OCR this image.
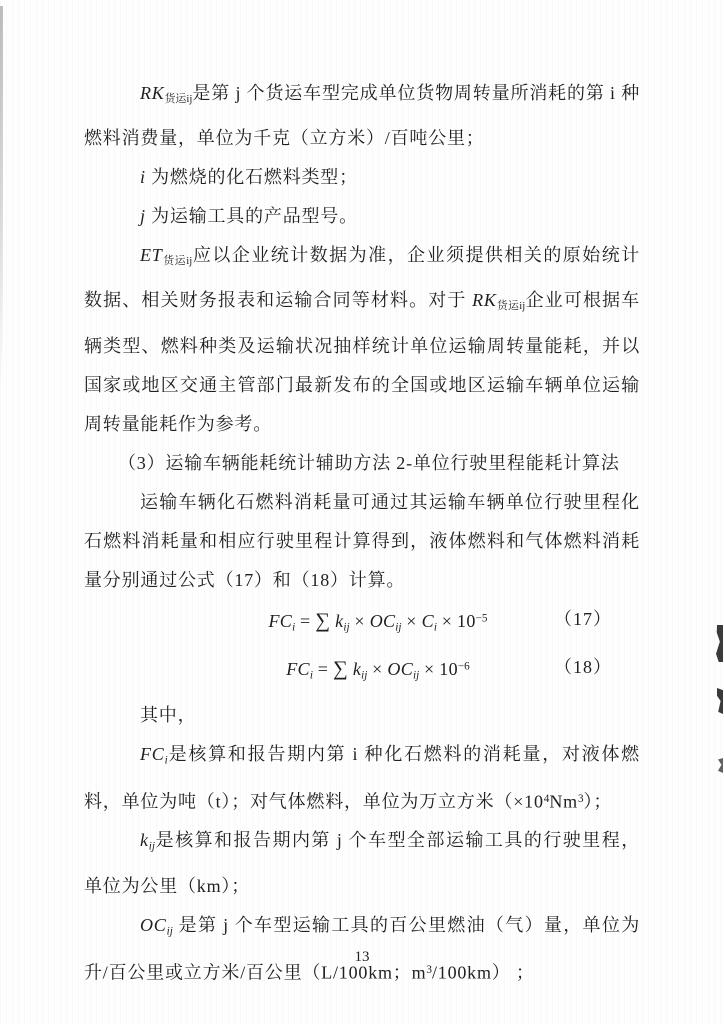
RK货运ij是第 j 个货运车型完成单位货物周转量所消耗的第 i 种燃料消费量，单位为千克（立方米）/百吨公里；

i 为燃烧的化石燃料类型；

j 为运输工具的产品型号。

ET货运ij应以企业统计数据为准，企业须提供相关的原始统计数据、相关财务报表和运输合同等材料。对于 RK货运ij企业可根据车辆类型、燃料种类及运输状况抽样统计单位运输周转量能耗，并以国家或地区交通主管部门最新发布的全国或地区运输车辆单位运输周转量能耗作为参考。

（3）运输车辆能耗统计辅助方法 2-单位行驶里程能耗计算法

运输车辆化石燃料消耗量可通过其运输车辆单位行驶里程化石燃料消耗量和相应行驶里程计算得到，液体燃料和气体燃料消耗量分别通过公式（17）和（18）计算。

FCi = ∑ kij × OCij × $Ci \times 10^{-5}$	（17）

FCi = ∑ kij × OCij × $10^{-6}$	（18）

其中，

FCi是核算和报告期内第 i 种化石燃料的消耗量，对液体燃料，单位为吨（t）；对气体燃料，单位为万立方米$(\times 10^4Nm^3)$；

kij是核算和报告期内第 j 个车型全部运输工具的行驶里程，单位为公里（km）；

OCij 是第 j 个车型运输工具的百公里燃油（气）量，单位为升/百公里或立方米/百公里（L/100km；$m^3/100km$） ；

13
